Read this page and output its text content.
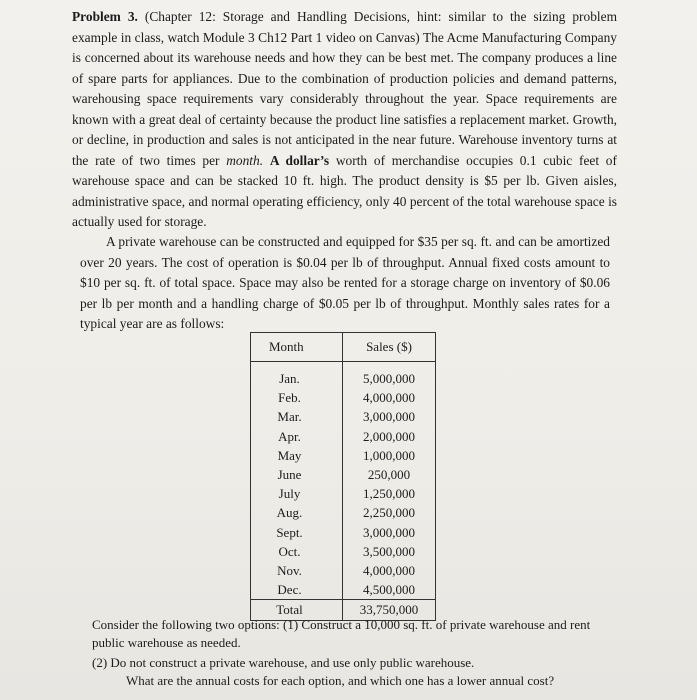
Problem 3. (Chapter 12: Storage and Handling Decisions, hint: similar to the sizing problem example in class, watch Module 3 Ch12 Part 1 video on Canvas) The Acme Manufacturing Company is concerned about its warehouse needs and how they can be best met. The company produces a line of spare parts for appliances. Due to the combination of production policies and demand patterns, warehousing space requirements vary considerably throughout the year. Space requirements are known with a great deal of certainty because the product line satisfies a replacement market. Growth, or decline, in production and sales is not anticipated in the near future. Warehouse inventory turns at the rate of two times per month. A dollar’s worth of merchandise occupies 0.1 cubic feet of warehouse space and can be stacked 10 ft. high. The product density is $5 per lb. Given aisles, administrative space, and normal operating efficiency, only 40 percent of the total warehouse space is actually used for storage.

A private warehouse can be constructed and equipped for $35 per sq. ft. and can be amortized over 20 years. The cost of operation is $0.04 per lb of throughput. Annual fixed costs amount to $10 per sq. ft. of total space. Space may also be rented for a storage charge on inventory of $0.06 per lb per month and a handling charge of $0.05 per lb of throughput. Monthly sales rates for a typical year are as follows:

Month	Sales ($)
Jan.	5,000,000
Feb.	4,000,000
Mar.	3,000,000
Apr.	2,000,000
May	1,000,000
June	250,000
July	1,250,000
Aug.	2,250,000
Sept.	3,000,000
Oct.	3,500,000
Nov.	4,000,000
Dec.	4,500,000
Total	33,750,000

Consider the following two options: (1) Construct a 10,000 sq. ft. of private warehouse and rent public warehouse as needed.

(2) Do not construct a private warehouse, and use only public warehouse.

What are the annual costs for each option, and which one has a lower annual cost?
